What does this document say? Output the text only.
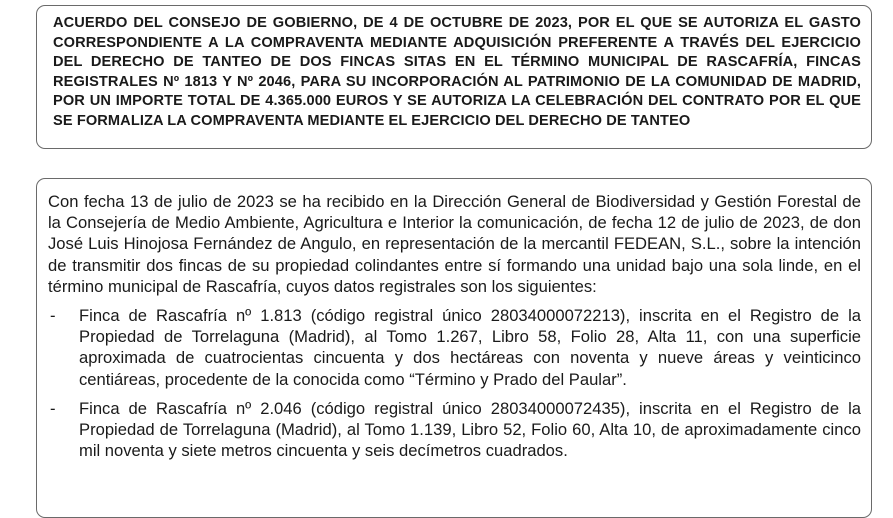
ACUERDO DEL CONSEJO DE GOBIERNO, DE 4 DE OCTUBRE DE 2023, POR EL QUE SE AUTORIZA EL GASTO CORRESPONDIENTE A LA COMPRAVENTA MEDIANTE ADQUISICIÓN PREFERENTE A TRAVÉS DEL EJERCICIO DEL DERECHO DE TANTEO DE DOS FINCAS SITAS EN EL TÉRMINO MUNICIPAL DE RASCAFRÍA, FINCAS REGISTRALES Nº 1813 Y Nº 2046, PARA SU INCORPORACIÓN AL PATRIMONIO DE LA COMUNIDAD DE MADRID, POR UN IMPORTE TOTAL DE 4.365.000 EUROS Y SE AUTORIZA LA CELEBRACIÓN DEL CONTRATO POR EL QUE SE FORMALIZA LA COMPRAVENTA MEDIANTE EL EJERCICIO DEL DERECHO DE TANTEO

Con fecha 13 de julio de 2023 se ha recibido en la Dirección General de Biodiversidad y Gestión Forestal de la Consejería de Medio Ambiente, Agricultura e Interior la comunicación, de fecha 12 de julio de 2023, de don José Luis Hinojosa Fernández de Angulo, en representación de la mercantil FEDEAN, S.L., sobre la intención de transmitir dos fincas de su propiedad colindantes entre sí formando una unidad bajo una sola linde, en el término municipal de Rascafría, cuyos datos registrales son los siguientes:

- Finca de Rascafría nº 1.813 (código registral único 28034000072213), inscrita en el Registro de la Propiedad de Torrelaguna (Madrid), al Tomo 1.267, Libro 58, Folio 28, Alta 11, con una superficie aproximada de cuatrocientas cincuenta y dos hectáreas con noventa y nueve áreas y veinticinco centiáreas, procedente de la conocida como “Término y Prado del Paular”.
- Finca de Rascafría nº 2.046 (código registral único 28034000072435), inscrita en el Registro de la Propiedad de Torrelaguna (Madrid), al Tomo 1.139, Libro 52, Folio 60, Alta 10, de aproximadamente cinco mil noventa y siete metros cincuenta y seis decímetros cuadrados.
